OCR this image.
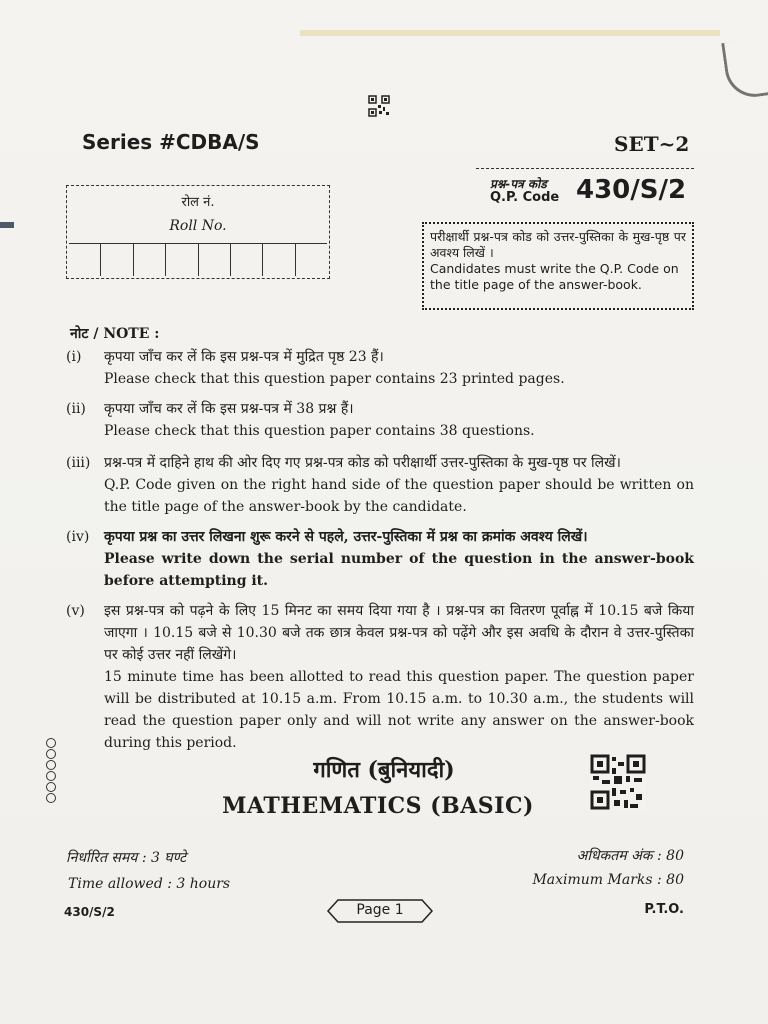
Series #CDBA/S	SET~2
प्रश्न-पत्र कोड
Q.P. Code 430/S/2
रोल नं.
Roll No.
परीक्षार्थी प्रश्न-पत्र कोड को उत्तर-पुस्तिका के मुख-पृष्ठ पर अवश्य लिखें ।
Candidates must write the Q.P. Code on the title page of the answer-book.
नोट / NOTE :
(i)	कृपया जाँच कर लें कि इस प्रश्न-पत्र में मुद्रित पृष्ठ 23 हैं।
Please check that this question paper contains 23 printed pages.
(ii)	कृपया जाँच कर लें कि इस प्रश्न-पत्र में 38 प्रश्न हैं।
Please check that this question paper contains 38 questions.
(iii) प्रश्न-पत्र में दाहिने हाथ की ओर दिए गए प्रश्न-पत्र कोड को परीक्षार्थी उत्तर-पुस्तिका के मुख-पृष्ठ पर लिखें।
Q.P. Code given on the right hand side of the question paper should be written on the title page of the answer-book by the candidate.
(iv)	कृपया प्रश्न का उत्तर लिखना शुरू करने से पहले, उत्तर-पुस्तिका में प्रश्न का क्रमांक अवश्य लिखें।
Please write down the serial number of the question in the answer-book before attempting it.
(v)	इस प्रश्न-पत्र को पढ़ने के लिए 15 मिनट का समय दिया गया है । प्रश्न-पत्र का वितरण पूर्वाह्न में 10.15 बजे किया जाएगा । 10.15 बजे से 10.30 बजे तक छात्र केवल प्रश्न-पत्र को पढ़ेंगे और इस अवधि के दौरान वे उत्तर-पुस्तिका पर कोई उत्तर नहीं लिखेंगे।
15 minute time has been allotted to read this question paper. The question paper will be distributed at 10.15 a.m. From 10.15 a.m. to 10.30 a.m., the students will read the question paper only and will not write any answer on the answer-book during this period.
गणित (बुनियादी)
MATHEMATICS (BASIC)
निर्धारित समय : 3 घण्टे
Time allowed : 3 hours
अधिकतम अंक : 80
Maximum Marks : 80
430/S/2	Page 1	P.T.O.
